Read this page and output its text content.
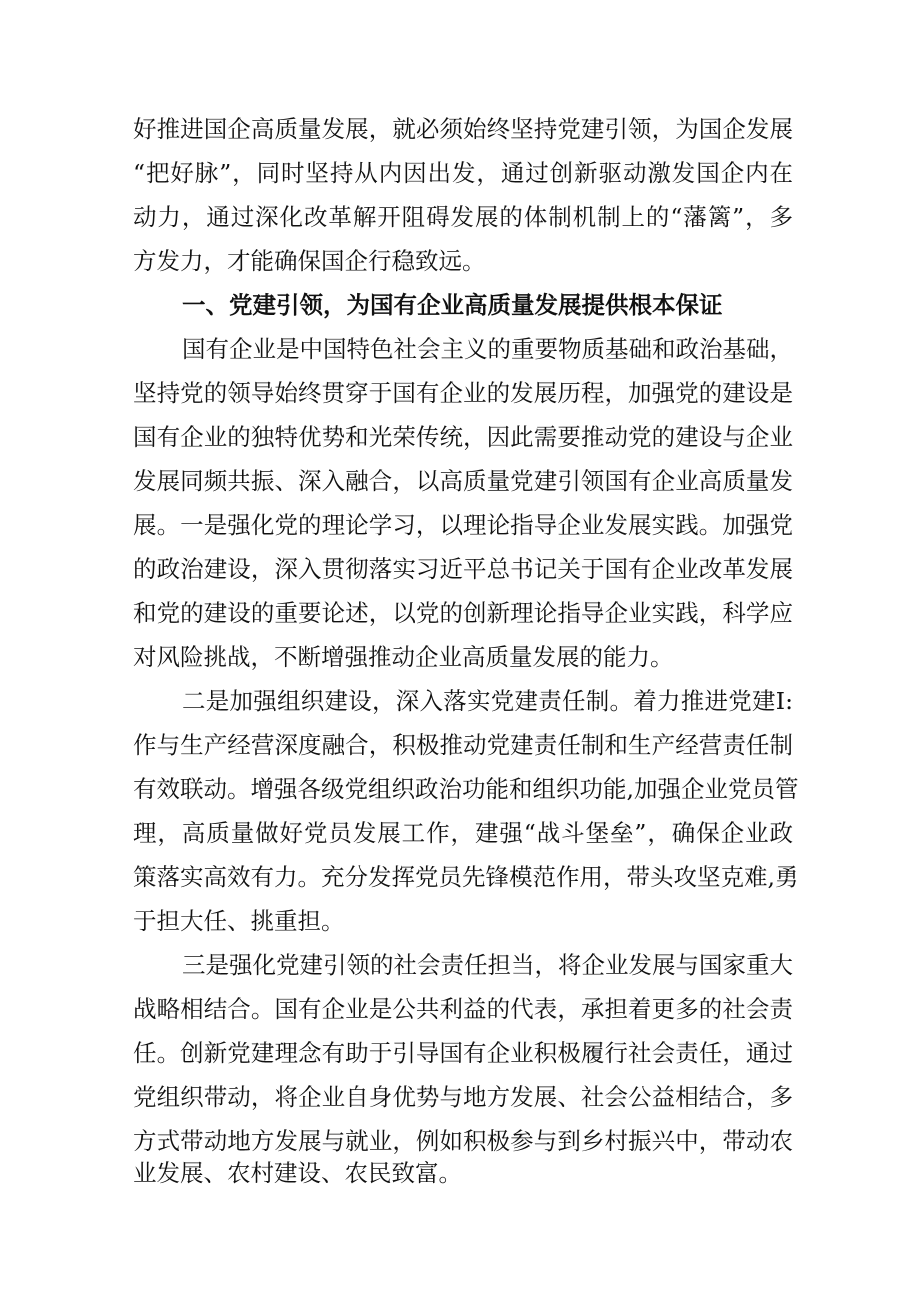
好推进国企高质量发展，就必须始终坚持党建引领，为国企发展
“把好脉”，同时坚持从内因出发，通过创新驱动激发国企内在
动力，通过深化改革解开阻碍发展的体制机制上的“藩篱”，多
方发力，才能确保国企行稳致远。
一、党建引领，为国有企业高质量发展提供根本保证
国有企业是中国特色社会主义的重要物质基础和政治基础，
坚持党的领导始终贯穿于国有企业的发展历程，加强党的建设是
国有企业的独特优势和光荣传统，因此需要推动党的建设与企业
发展同频共振、深入融合，以高质量党建引领国有企业高质量发
展。一是强化党的理论学习，以理论指导企业发展实践。加强党
的政治建设，深入贯彻落实习近平总书记关于国有企业改革发展
和党的建设的重要论述，以党的创新理论指导企业实践，科学应
对风险挑战，不断增强推动企业高质量发展的能力。
二是加强组织建设，深入落实党建责任制。着力推进党建I:
作与生产经营深度融合，积极推动党建责任制和生产经营责任制
有效联动。增强各级党组织政治功能和组织功能,加强企业党员管
理，高质量做好党员发展工作，建强“战斗堡垒”，确保企业政
策落实高效有力。充分发挥党员先锋模范作用，带头攻坚克难,勇
于担大任、挑重担。
三是强化党建引领的社会责任担当，将企业发展与国家重大
战略相结合。国有企业是公共利益的代表，承担着更多的社会责
任。创新党建理念有助于引导国有企业积极履行社会责任，通过
党组织带动，将企业自身优势与地方发展、社会公益相结合，多
方式带动地方发展与就业，例如积极参与到乡村振兴中，带动农
业发展、农村建设、农民致富。
